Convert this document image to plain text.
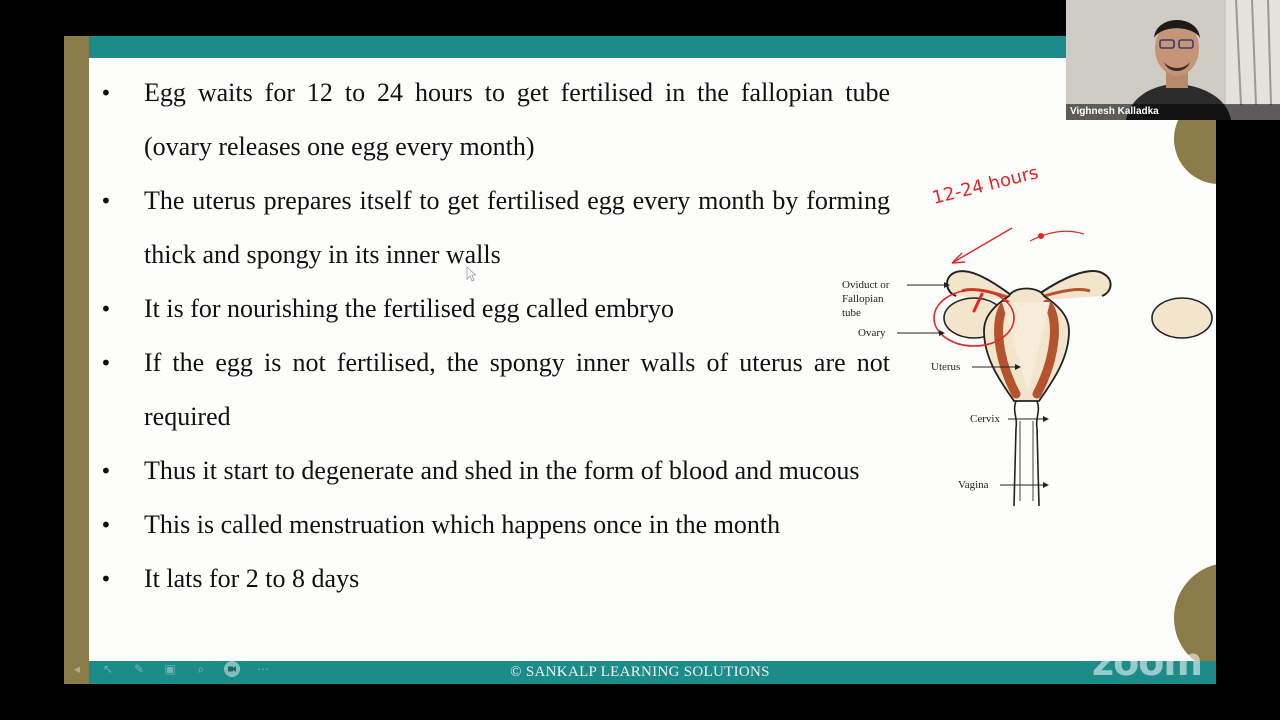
• Egg waits for 12 to 24 hours to get fertilised in the fallopian tube (ovary releases one egg every month)
• The uterus prepares itself to get fertilised egg every month by forming thick and spongy in its inner walls
• It is for nourishing the fertilised egg called embryo
• If the egg is not fertilised, the spongy inner walls of uterus are not required
• Thus it start to degenerate and shed in the form of blood and mucous
• This is called menstruation which happens once in the month
• It lats for 2 to 8 days
12-24 hours
Oviduct or
Fallopian
tube
Ovary
Uterus
Cervix
Vagina
© SANKALP LEARNING SOLUTIONS
◂	↖	✎	▣	⌕	⋯	zoom
Vighnesh Kalladka
